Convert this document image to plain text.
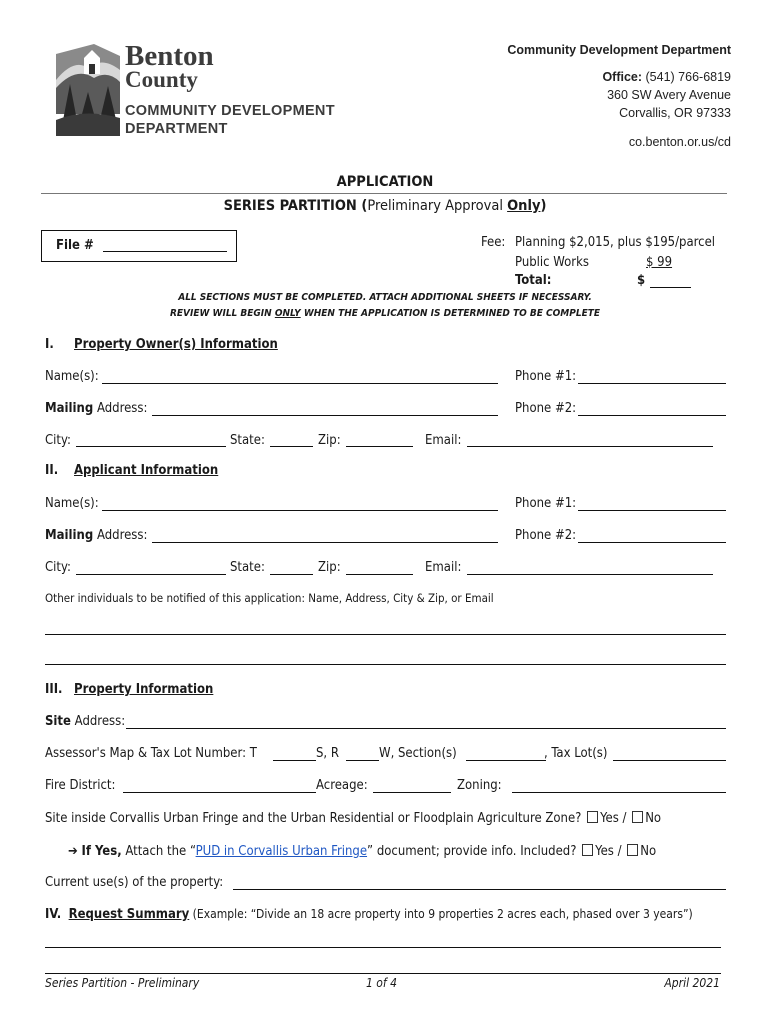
Benton
County
COMMUNITY DEVELOPMENT
DEPARTMENT
Community Development Department
Office: (541) 766-6819
360 SW Avery Avenue
Corvallis, OR 97333
co.benton.or.us/cd
APPLICATION
SERIES PARTITION (Preliminary Approval Only)
File #	Fee: Planning $2,015, plus $195/parcel
Public Works	$ 99
Total:	$
ALL SECTIONS MUST BE COMPLETED. ATTACH ADDITIONAL SHEETS IF NECESSARY.
REVIEW WILL BEGIN ONLY WHEN THE APPLICATION IS DETERMINED TO BE COMPLETE
I. Property Owner(s) Information
Name(s):	Phone #1:
Mailing Address:	Phone #2:
City:	State:	Zip:	Email:
II. Applicant Information
Name(s):	Phone #1:
Mailing Address:	Phone #2:
City:	State:	Zip:	Email:
Other individuals to be notified of this application: Name, Address, City & Zip, or Email
III. Property Information
Site Address:
Assessor's Map & Tax Lot Number: T	S, R	W, Section(s)	, Tax Lot(s)
Fire District:	Acreage:	Zoning:
Site inside Corvallis Urban Fringe and the Urban Residential or Floodplain Agriculture Zone? Yes / No
➔ If Yes, Attach the “PUD in Corvallis Urban Fringe” document; provide info. Included? Yes / No
Current use(s) of the property:
IV. Request Summary (Example: “Divide an 18 acre property into 9 properties 2 acres each, phased over 3 years”)
Series Partition - Preliminary	1 of 4	April 2021
